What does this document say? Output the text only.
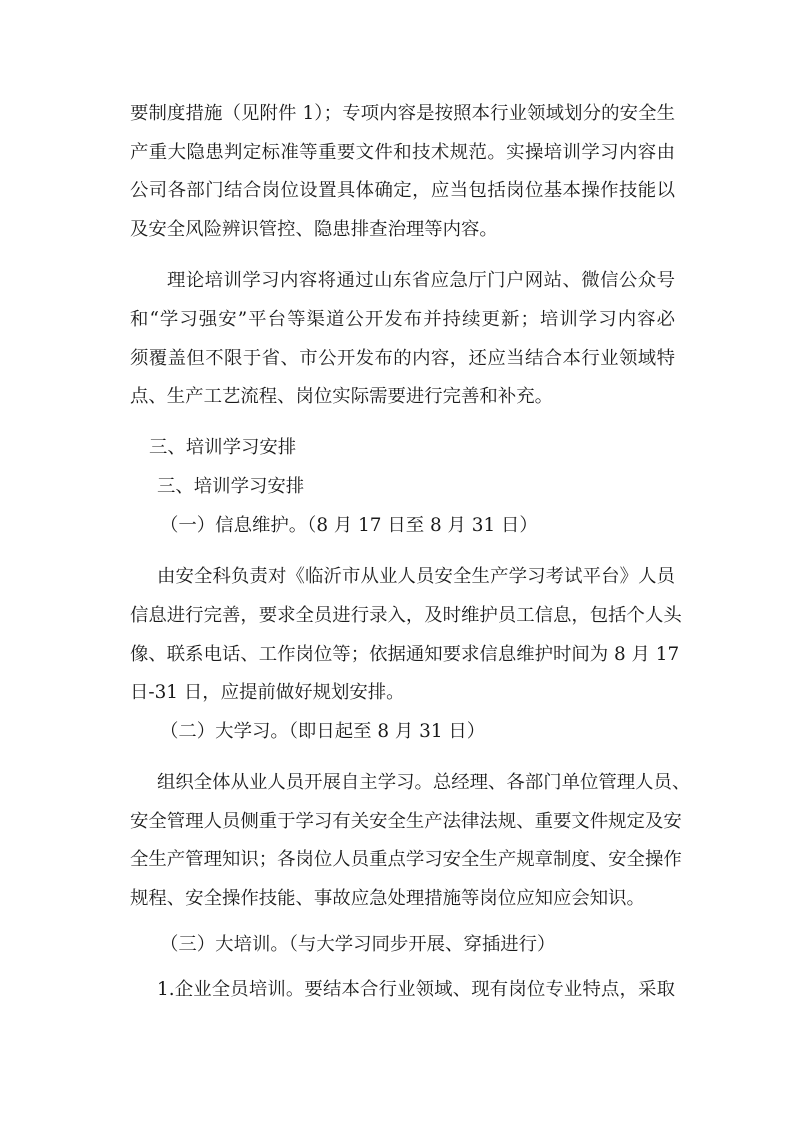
要制度措施（见附件 1）；专项内容是按照本行业领域划分的安全生
产重大隐患判定标准等重要文件和技术规范。实操培训学习内容由
公司各部门结合岗位设置具体确定，应当包括岗位基本操作技能以
及安全风险辨识管控、隐患排查治理等内容。
理论培训学习内容将通过山东省应急厅门户网站、微信公众号
和“学习强安”平台等渠道公开发布并持续更新；培训学习内容必
须覆盖但不限于省、市公开发布的内容，还应当结合本行业领域特
点、生产工艺流程、岗位实际需要进行完善和补充。
三、培训学习安排
三、培训学习安排
（一）信息维护。（8 月 17 日至 8 月 31 日）
由安全科负责对《临沂市从业人员安全生产学习考试平台》人员
信息进行完善，要求全员进行录入，及时维护员工信息，包括个人头
像、联系电话、工作岗位等；依据通知要求信息维护时间为 8 月 17
日-31 日，应提前做好规划安排。
（二）大学习。（即日起至 8 月 31 日）
组织全体从业人员开展自主学习。总经理、各部门单位管理人员、
安全管理人员侧重于学习有关安全生产法律法规、重要文件规定及安
全生产管理知识；各岗位人员重点学习安全生产规章制度、安全操作
规程、安全操作技能、事故应急处理措施等岗位应知应会知识。
（三）大培训。（与大学习同步开展、穿插进行）
1.企业全员培训。要结本合行业领域、现有岗位专业特点，采取
